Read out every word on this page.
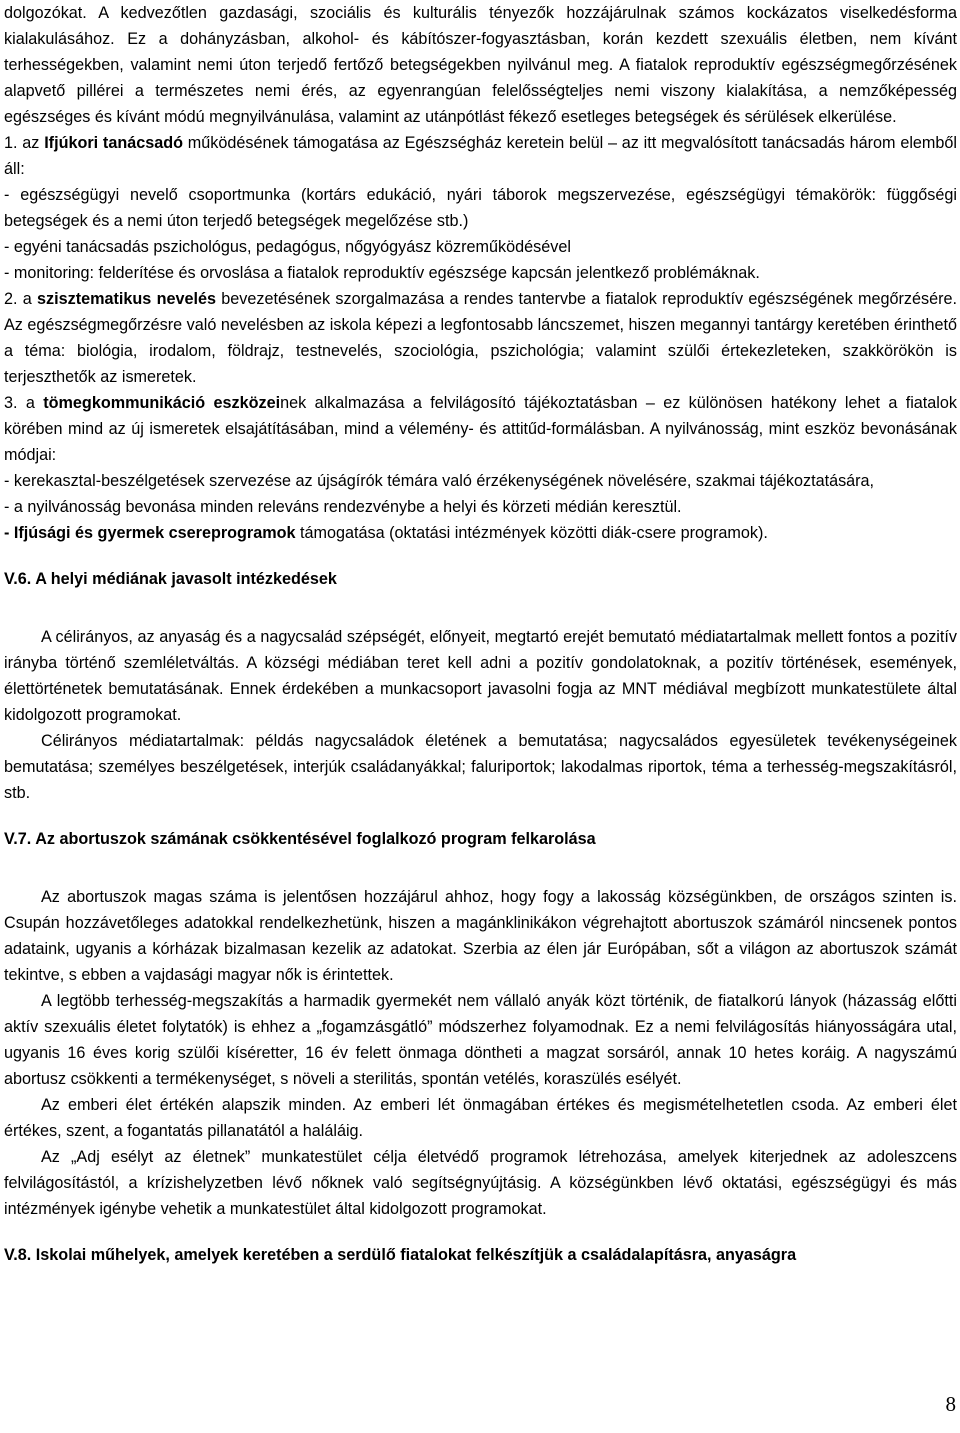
dolgozókat. A kedvezőtlen gazdasági, szociális és kulturális tényezők hozzájárulnak számos kockázatos viselkedésforma kialakulásához. Ez a dohányzásban, alkohol- és kábítószer-fogyasztásban, korán kezdett szexuális életben, nem kívánt terhességekben, valamint nemi úton terjedő fertőző betegségekben nyilvánul meg. A fiatalok reproduktív egészségmegőrzésének alapvető pillérei a természetes nemi érés, az egyenrangúan felelősségteljes nemi viszony kialakítása, a nemzőképesség egészséges és kívánt módú megnyilvánulása, valamint az utánpótlást fékező esetleges betegségek és sérülések elkerülése.

1. az Ifjúkori tanácsadó működésének támogatása az Egészségház keretein belül – az itt megvalósított tanácsadás három elemből áll:

- egészségügyi nevelő csoportmunka (kortárs edukáció, nyári táborok megszervezése, egészségügyi témakörök: függőségi betegségek és a nemi úton terjedő betegségek megelőzése stb.)

- egyéni tanácsadás pszichológus, pedagógus, nőgyógyász közreműködésével

- monitoring: felderítése és orvoslása a fiatalok reproduktív egészsége kapcsán jelentkező problémáknak.

2. a szisztematikus nevelés bevezetésének szorgalmazása a rendes tantervbe a fiatalok reproduktív egészségének megőrzésére. Az egészségmegőrzésre való nevelésben az iskola képezi a legfontosabb láncszemet, hiszen megannyi tantárgy keretében érinthető a téma: biológia, irodalom, földrajz, testnevelés, szociológia, pszichológia; valamint szülői értekezleteken, szakkörökön is terjeszthetők az ismeretek.

3. a tömegkommunikáció eszközeinek alkalmazása a felvilágosító tájékoztatásban – ez különösen hatékony lehet a fiatalok körében mind az új ismeretek elsajátításában, mind a vélemény- és attitűd-formálásban. A nyilvánosság, mint eszköz bevonásának módjai:

- kerekasztal-beszélgetések szervezése az újságírók témára való érzékenységének növelésére, szakmai tájékoztatására,

- a nyilvánosság bevonása minden releváns rendezvénybe a helyi és körzeti médián keresztül.

- Ifjúsági és gyermek csereprogramok támogatása (oktatási intézmények közötti diák-csere programok).

V.6. A helyi médiának javasolt intézkedések

A célirányos, az anyaság és a nagycsalád szépségét, előnyeit, megtartó erejét bemutató médiatartalmak mellett fontos a pozitív irányba történő szemléletváltás. A községi médiában teret kell adni a pozitív gondolatoknak, a pozitív történések, események, élettörténetek bemutatásának. Ennek érdekében a munkacsoport javasolni fogja az MNT médiával megbízott munkatestülete által kidolgozott programokat.

Célirányos médiatartalmak: példás nagycsaládok életének a bemutatása; nagycsaládos egyesületek tevékenységeinek bemutatása; személyes beszélgetések, interjúk családanyákkal; faluriportok; lakodalmas riportok, téma a terhesség-megszakításról, stb.

V.7. Az abortuszok számának csökkentésével foglalkozó program felkarolása

Az abortuszok magas száma is jelentősen hozzájárul ahhoz, hogy fogy a lakosság községünkben, de országos szinten is. Csupán hozzávetőleges adatokkal rendelkezhetünk, hiszen a magánklinikákon végrehajtott abortuszok számáról nincsenek pontos adataink, ugyanis a kórházak bizalmasan kezelik az adatokat. Szerbia az élen jár Európában, sőt a világon az abortuszok számát tekintve, s ebben a vajdasági magyar nők is érintettek.

A legtöbb terhesség-megszakítás a harmadik gyermekét nem vállaló anyák közt történik, de fiatalkorú lányok (házasság előtti aktív szexuális életet folytatók) is ehhez a „fogamzásgátló” módszerhez folyamodnak. Ez a nemi felvilágosítás hiányosságára utal, ugyanis 16 éves korig szülői kíséretter, 16 év felett önmaga döntheti a magzat sorsáról, annak 10 hetes koráig. A nagyszámú abortusz csökkenti a termékenységet, s növeli a sterilitás, spontán vetélés, koraszülés esélyét.

Az emberi élet értékén alapszik minden. Az emberi lét önmagában értékes és megismételhetetlen csoda. Az emberi élet értékes, szent, a fogantatás pillanatától a haláláig.

Az „Adj esélyt az életnek” munkatestület célja életvédő programok létrehozása, amelyek kiterjednek az adoleszcens felvilágosítástól, a krízishelyzetben lévő nőknek való segítségnyújtásig. A községünkben lévő oktatási, egészségügyi és más intézmények igénybe vehetik a munkatestület által kidolgozott programokat.

V.8. Iskolai műhelyek, amelyek keretében a serdülő fiatalokat felkészítjük a családalapításra, anyaságra

8
